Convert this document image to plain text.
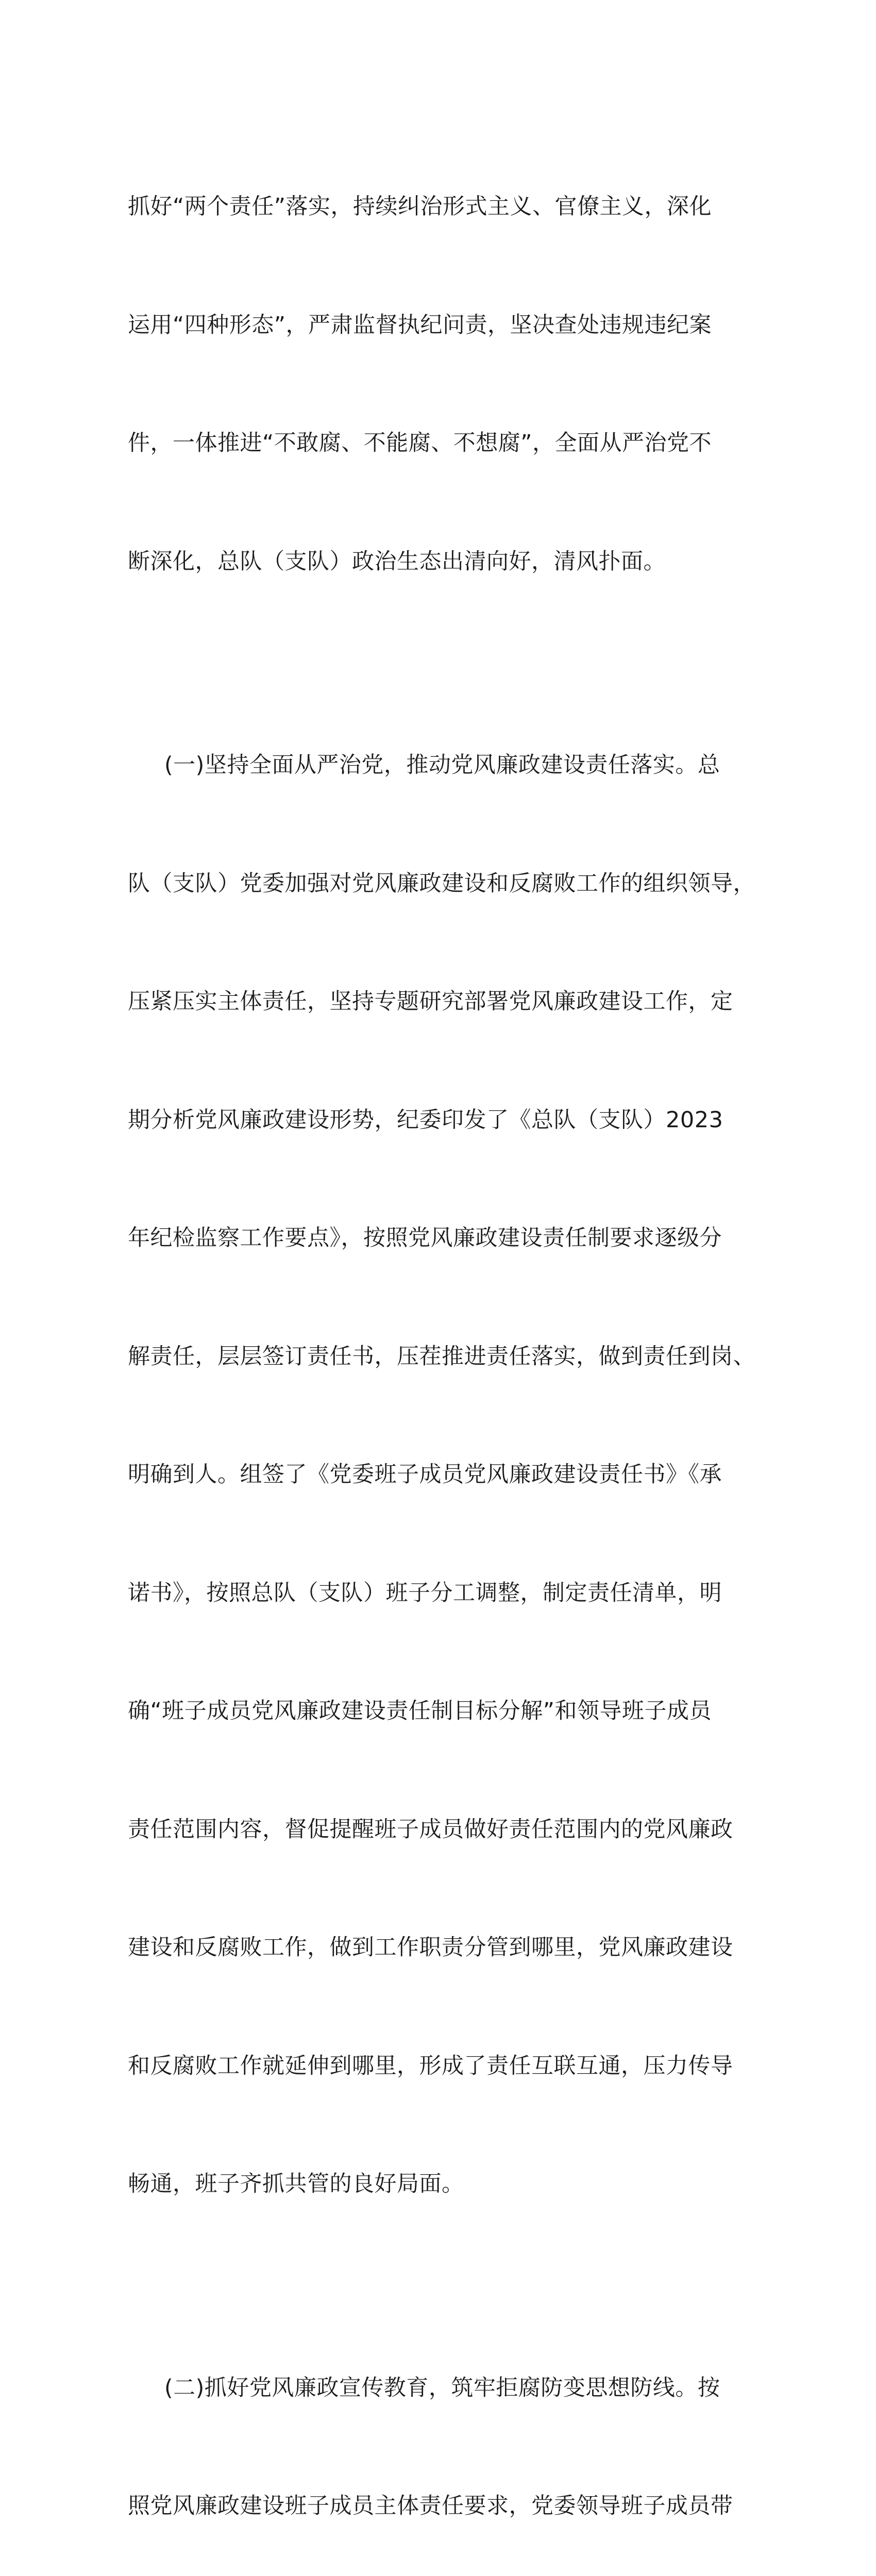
抓好“两个责任”落实，持续纠治形式主义、官僚主义，深化

运用“四种形态”，严肃监督执纪问责，坚决查处违规违纪案

件，一体推进“不敢腐、不能腐、不想腐”，全面从严治党不

断深化，总队（支队）政治生态出清向好，清风扑面。

(一)坚持全面从严治党，推动党风廉政建设责任落实。总

队（支队）党委加强对党风廉政建设和反腐败工作的组织领导，

压紧压实主体责任，坚持专题研究部署党风廉政建设工作，定

期分析党风廉政建设形势，纪委印发了《总队（支队）2023

年纪检监察工作要点》，按照党风廉政建设责任制要求逐级分

解责任，层层签订责任书，压茬推进责任落实，做到责任到岗、

明确到人。组签了《党委班子成员党风廉政建设责任书》《承

诺书》，按照总队（支队）班子分工调整，制定责任清单，明

确“班子成员党风廉政建设责任制目标分解”和领导班子成员

责任范围内容，督促提醒班子成员做好责任范围内的党风廉政

建设和反腐败工作，做到工作职责分管到哪里，党风廉政建设

和反腐败工作就延伸到哪里，形成了责任互联互通，压力传导

畅通，班子齐抓共管的良好局面。

(二)抓好党风廉政宣传教育，筑牢拒腐防变思想防线。按

照党风廉政建设班子成员主体责任要求，党委领导班子成员带
